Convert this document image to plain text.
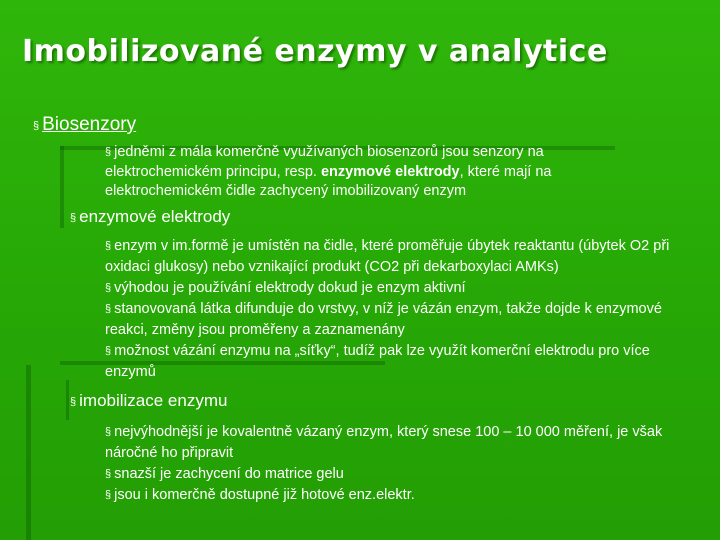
Imobilizované enzymy v analytice
§ Biosenzory
§ jedněmi z mála komerčně využívaných biosenzorů jsou senzory na elektrochemickém principu, resp. enzymové elektrody, které mají na elektrochemickém čidle zachycený imobilizovaný enzym
§ enzymové elektrody
§ enzym v im.formě je umístěn na čidle, které proměřuje úbytek reaktantu (úbytek O2 při oxidaci glukosy) nebo vznikající produkt (CO2 při dekarboxylaci AMKs)
§ výhodou je používání elektrody dokud je enzym aktivní
§ stanovovaná látka difunduje do vrstvy, v níž je vázán enzym, takže dojde k enzymové reakci, změny jsou proměřeny a zaznamenány
§ možnost vázání enzymu na „síťky“, tudíž pak lze využít komerční elektrodu pro více enzymů
§ imobilizace enzymu
§ nejvýhodnější je kovalentně vázaný enzym, který snese 100 – 10 000 měření, je však náročné ho připravit
§ snazší je zachycení do matrice gelu
§ jsou i komerčně dostupné již hotové enz.elektr.
